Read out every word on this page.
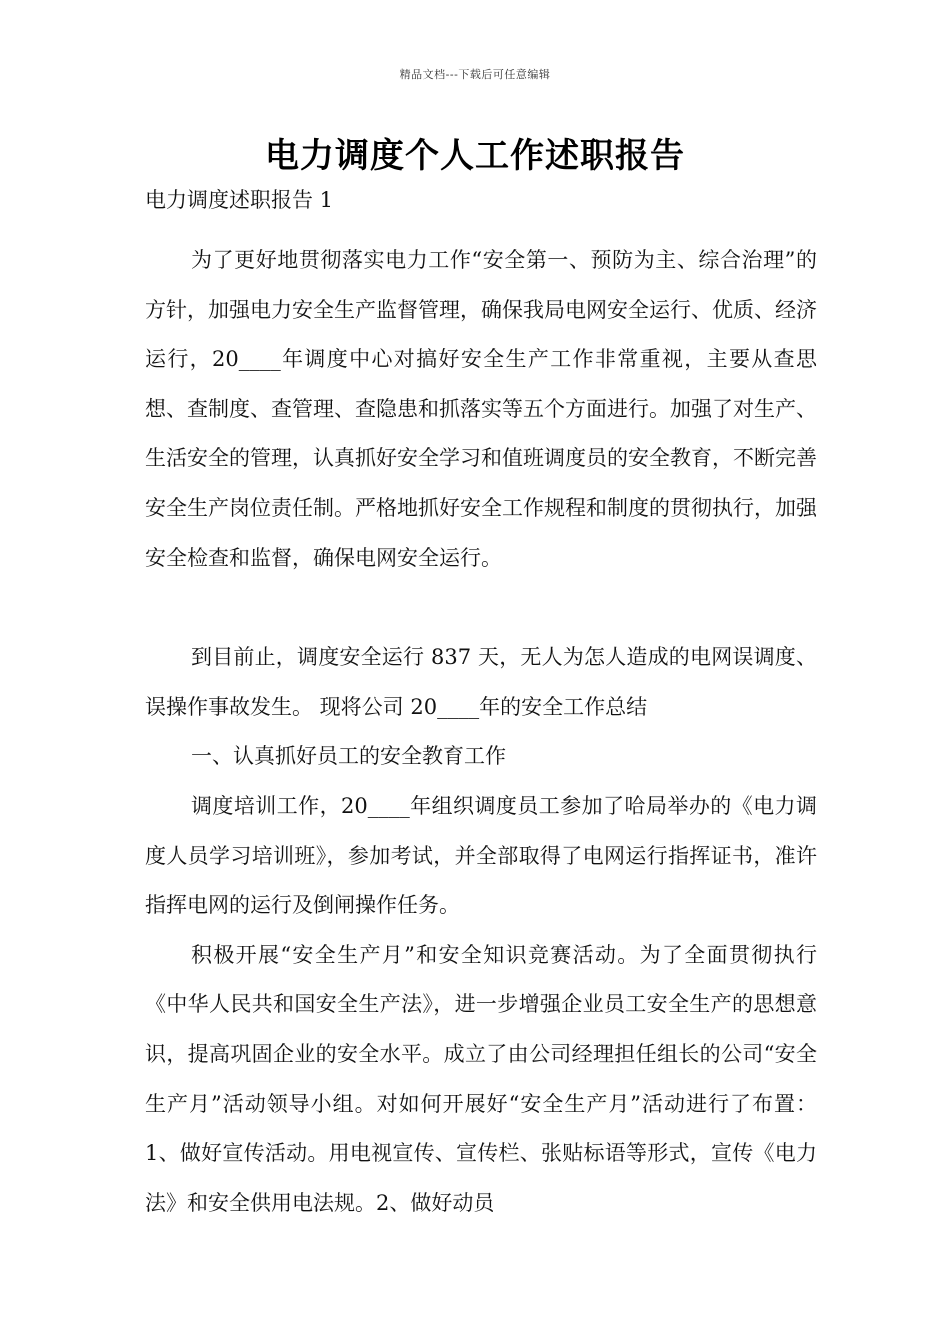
精品文档---下载后可任意编辑
电力调度个人工作述职报告

电力调度述职报告 1

为了更好地贯彻落实电力工作“安全第一、预防为主、综合治理”的方针，加强电力安全生产监督管理，确保我局电网安全运行、优质、经济运行，20____年调度中心对搞好安全生产工作非常重视，主要从查思想、查制度、查管理、查隐患和抓落实等五个方面进行。加强了对生产、生活安全的管理，认真抓好安全学习和值班调度员的安全教育，不断完善安全生产岗位责任制。严格地抓好安全工作规程和制度的贯彻执行，加强安全检查和监督，确保电网安全运行。

到目前止，调度安全运行 837 天，无人为怎人造成的电网误调度、误操作事故发生。 现将公司 20____年的安全工作总结

一、认真抓好员工的安全教育工作

调度培训工作，20____年组织调度员工参加了哈局举办的《电力调度人员学习培训班》，参加考试，并全部取得了电网运行指挥证书，准许指挥电网的运行及倒闸操作任务。

积极开展“安全生产月”和安全知识竞赛活动。为了全面贯彻执行《中华人民共和国安全生产法》，进一步增强企业员工安全生产的思想意识，提高巩固企业的安全水平。成立了由公司经理担任组长的公司“安全生产月”活动领导小组。对如何开展好“安全生产月”活动进行了布置：1、做好宣传活动。用电视宣传、宣传栏、张贴标语等形式，宣传《电力法》和安全供用电法规。2、做好动员
